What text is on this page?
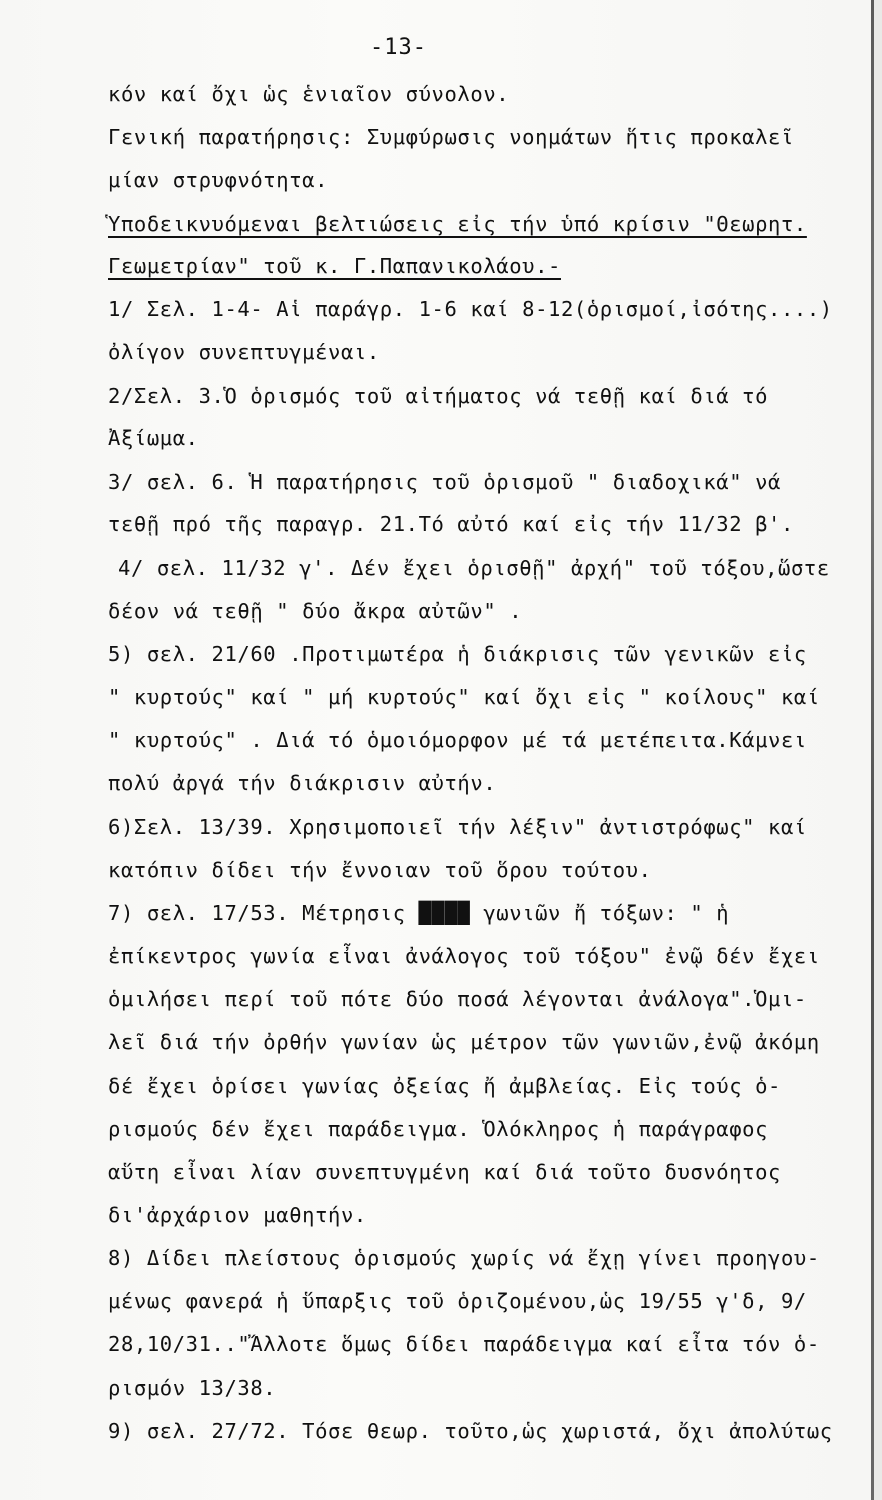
-13-
κόν καί ὄχι ὡς ἑνιαῖον σύνολον.
Γενική παρατήρησις: Συμφύρωσις νοημάτων ἥτις προκαλεῖ
μίαν στρυφνότητα.
Ὑποδεικνυόμεναι βελτιώσεις εἰς τήν ὑπό κρίσιν "Θεωρητ.
Γεωμετρίαν" τοῦ κ. Γ.Παπανικολάου.-
1/ Σελ. 1-4- Αἱ παράγρ. 1-6 καί 8-12(ὁρισμοί,ἰσότης....)
ὀλίγον συνεπτυγμέναι.
2/Σελ. 3.Ὁ ὁρισμός τοῦ αἰτήματος νά τεθῇ καί διά τό
Ἀξίωμα.
3/ σελ. 6. Ἡ παρατήρησις τοῦ ὁρισμοῦ " διαδοχικά" νά
τεθῇ πρό τῆς παραγρ. 21.Τό αὐτό καί εἰς τήν 11/32 β'.
4/ σελ. 11/32 γ'. Δέν ἔχει ὁρισθῇ" ἀρχή" τοῦ τόξου,ὥστε
δέον νά τεθῇ " δύο ἄκρα αὐτῶν" .
5) σελ. 21/60 .Προτιμωτέρα ἡ διάκρισις τῶν γενικῶν εἰς
" κυρτούς" καί " μή κυρτούς" καί ὄχι εἰς " κοίλους" καί
" κυρτούς" . Διά τό ὁμοιόμορφον μέ τά μετέπειτα.Κάμνει
πολύ ἀργά τήν διάκρισιν αὐτήν.
6)Σελ. 13/39. Χρησιμοποιεῖ τήν λέξιν" ἀντιστρόφως" καί
κατόπιν δίδει τήν ἔννοιαν τοῦ ὅρου τούτου.
7) σελ. 17/53. Μέτρησις ████ γωνιῶν ἤ τόξων: " ἡ
ἐπίκεντρος γωνία εἶναι ἀνάλογος τοῦ τόξου" ἐνῷ δέν ἔχει
ὁμιλήσει περί τοῦ πότε δύο ποσά λέγονται ἀνάλογα".Ὁμι-
λεῖ διά τήν ὀρθήν γωνίαν ὡς μέτρον τῶν γωνιῶν,ἐνῷ ἀκόμη
δέ ἔχει ὁρίσει γωνίας ὀξείας ἤ ἀμβλείας. Εἰς τούς ὁ-
ρισμούς δέν ἔχει παράδειγμα. Ὁλόκληρος ἡ παράγραφος
αὕτη εἶναι λίαν συνεπτυγμένη καί διά τοῦτο δυσνόητος
δι'ἀρχάριον μαθητήν.
8) Δίδει πλείστους ὁρισμούς χωρίς νά ἔχῃ γίνει προηγου-
μένως φανερά ἡ ὕπαρξις τοῦ ὁριζομένου,ὡς 19/55 γ'δ, 9/
28,10/31.."Ἄλλοτε ὅμως δίδει παράδειγμα καί εἶτα τόν ὁ-
ρισμόν 13/38.
9) σελ. 27/72. Τόσε θεωρ. τοῦτο,ὡς χωριστά, ὄχι ἀπολύτως
